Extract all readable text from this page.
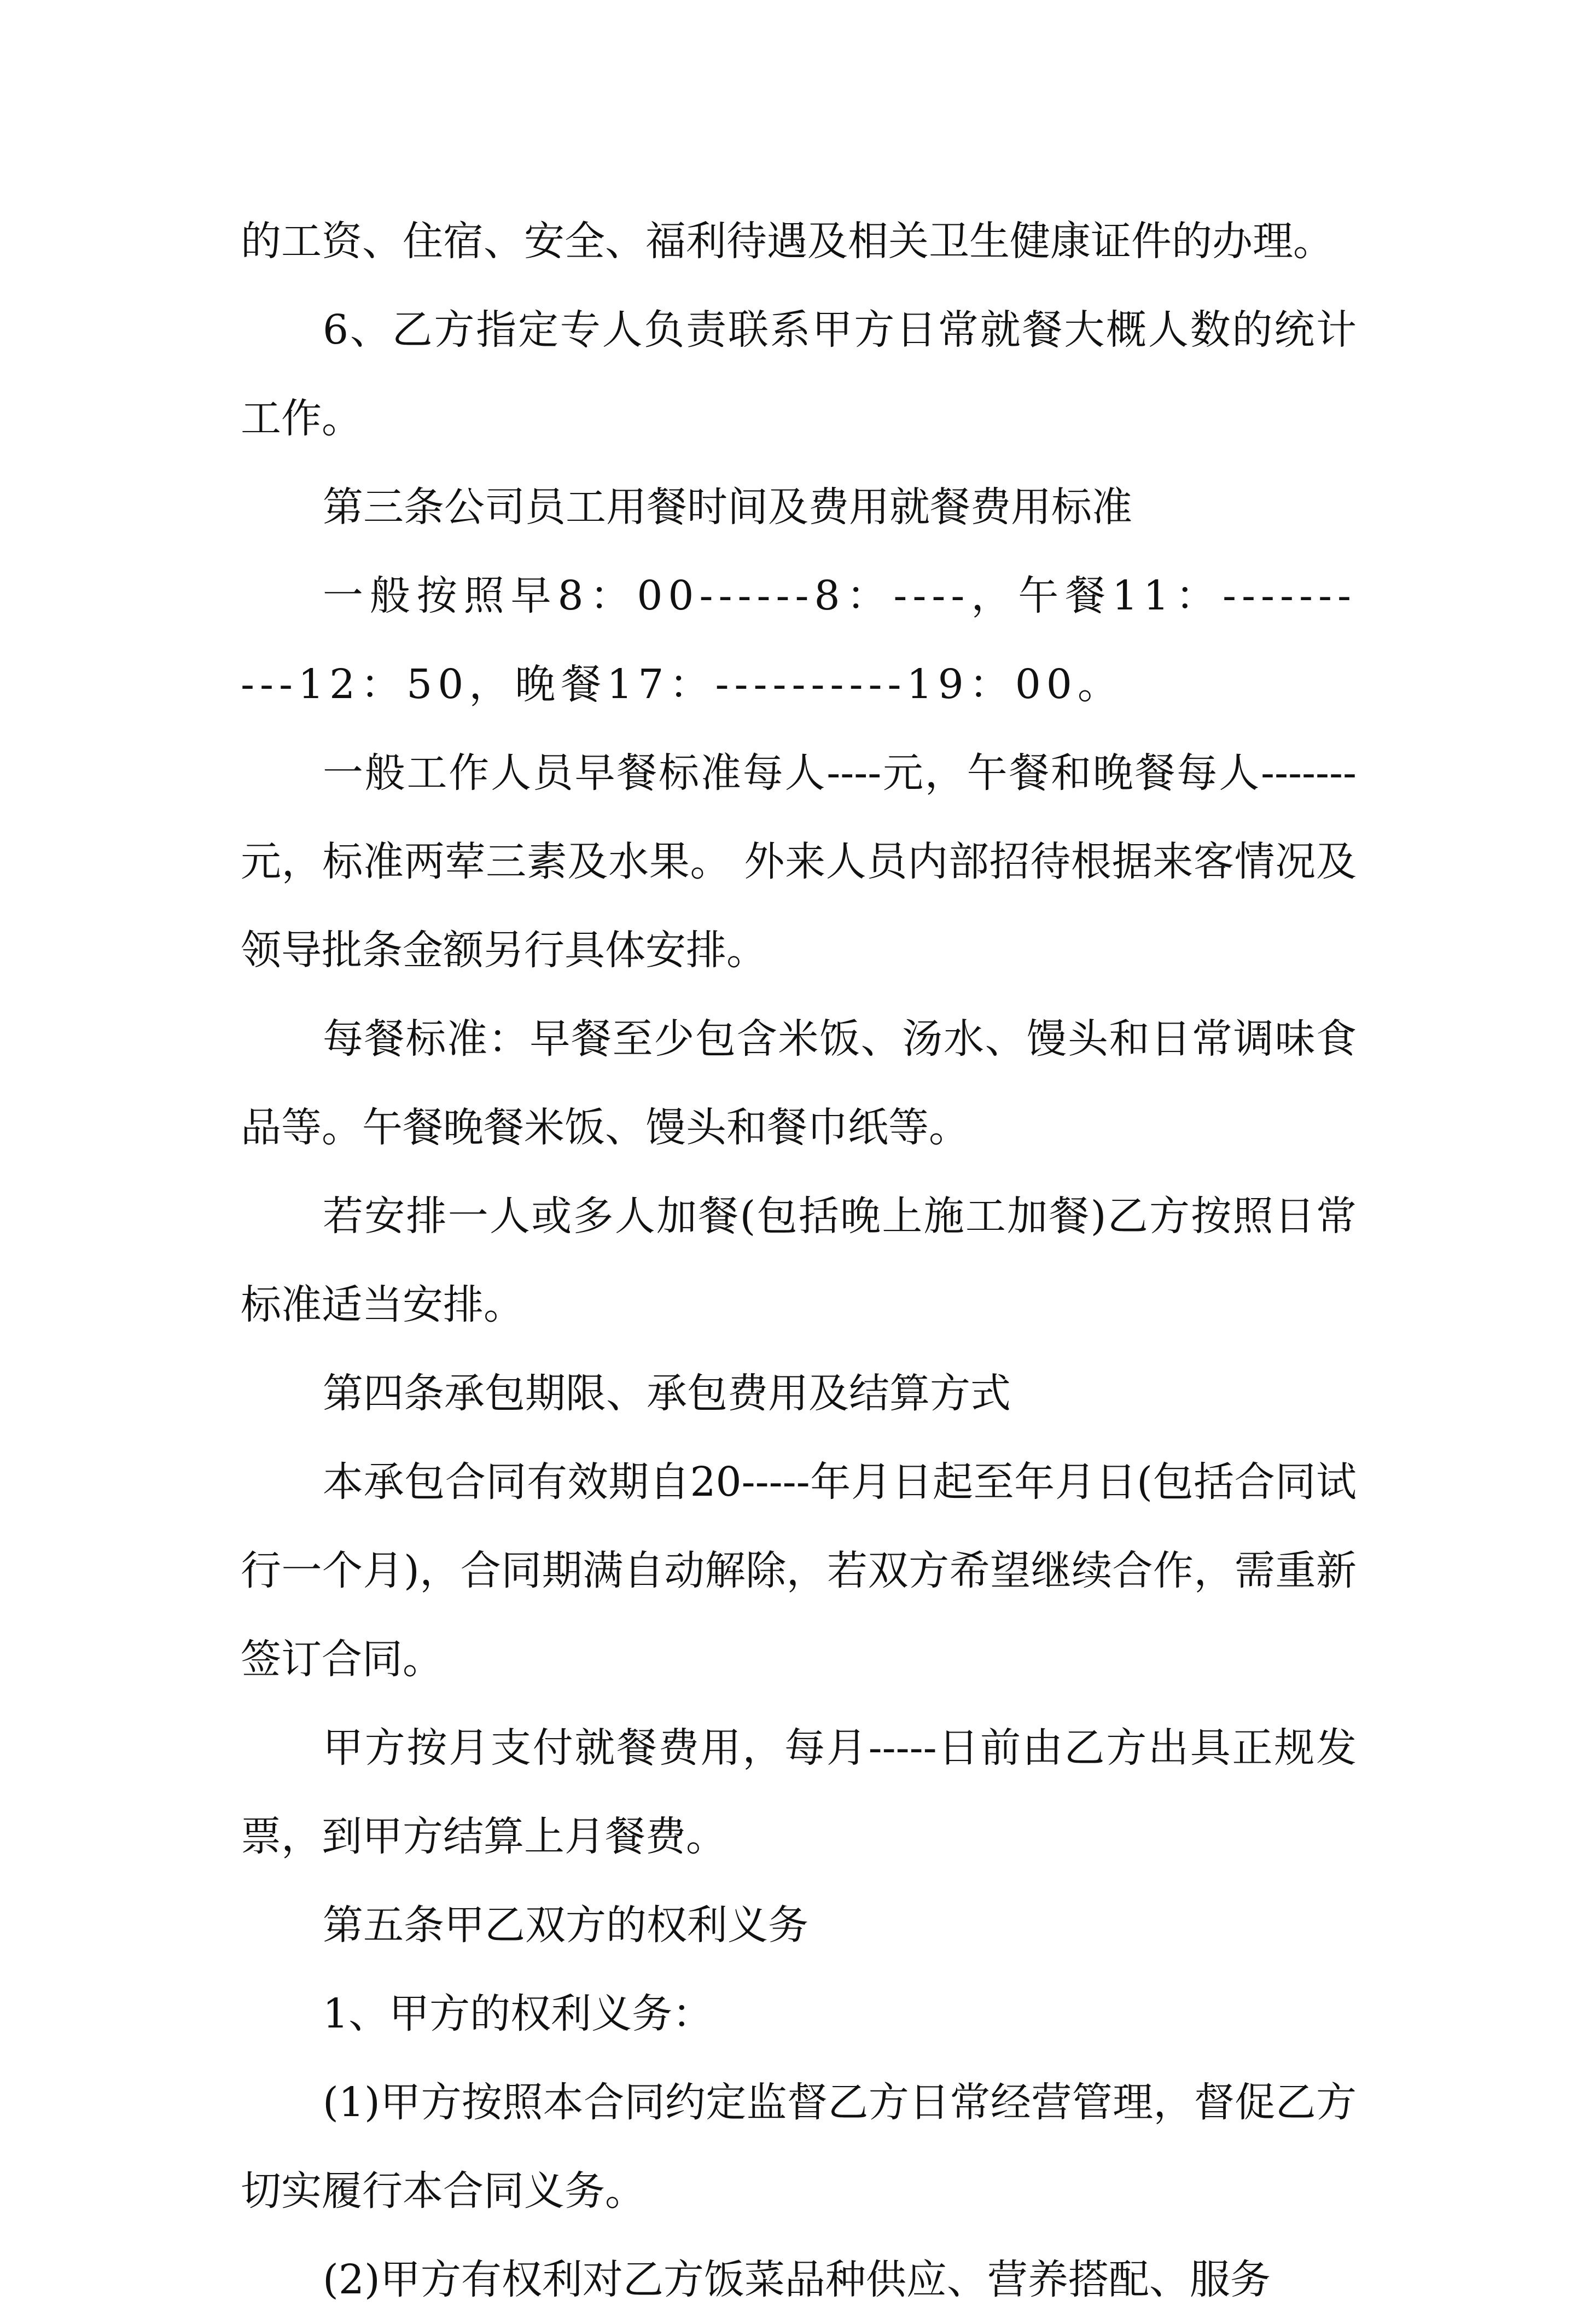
的工资、住宿、安全、福利待遇及相关卫生健康证件的办理。

6、乙方指定专人负责联系甲方日常就餐大概人数的统计工作。

第三条公司员工用餐时间及费用就餐费用标准

一般按照早8：00------8：----，午餐11：----------12：50，晚餐17：----------19：00。

一般工作人员早餐标准每人----元，午餐和晚餐每人-------元，标准两荤三素及水果。 外来人员内部招待根据来客情况及领导批条金额另行具体安排。

每餐标准：早餐至少包含米饭、汤水、馒头和日常调味食品等。午餐晚餐米饭、馒头和餐巾纸等。

若安排一人或多人加餐(包括晚上施工加餐)乙方按照日常标准适当安排。

第四条承包期限、承包费用及结算方式

本承包合同有效期自20-----年月日起至年月日(包括合同试行一个月)，合同期满自动解除，若双方希望继续合作，需重新签订合同。

甲方按月支付就餐费用，每月-----日前由乙方出具正规发票，到甲方结算上月餐费。

第五条甲乙双方的权利义务

1、甲方的权利义务：

(1)甲方按照本合同约定监督乙方日常经营管理，督促乙方切实履行本合同义务。

(2)甲方有权利对乙方饭菜品种供应、营养搭配、服务
